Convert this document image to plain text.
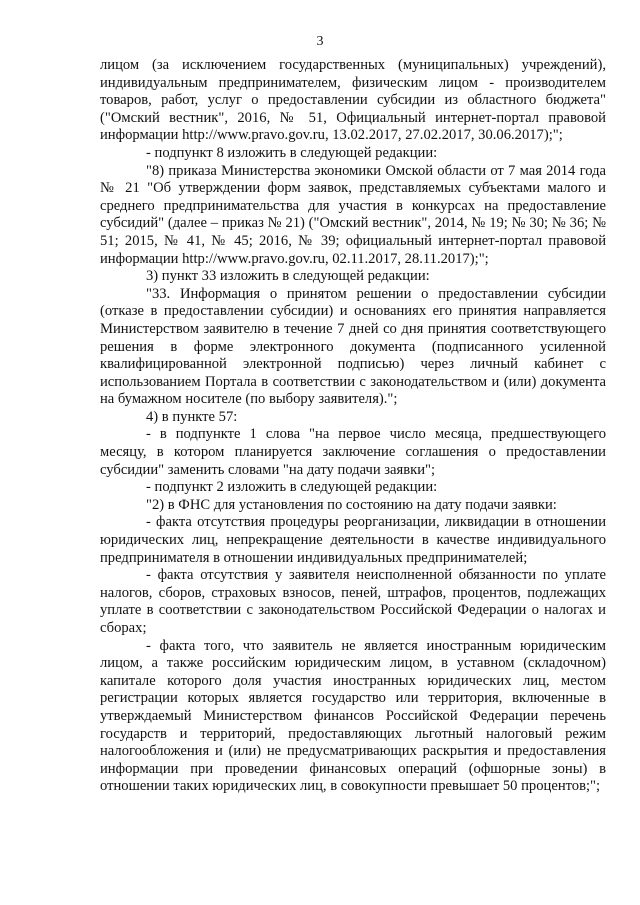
3

лицом (за исключением государственных (муниципальных) учреждений), индивидуальным предпринимателем, физическим лицом - производителем товаров, работ, услуг о предоставлении субсидии из областного бюджета" ("Омский вестник", 2016, № 51, Официальный интернет-портал правовой информации http://www.pravo.gov.ru, 13.02.2017, 27.02.2017, 30.06.2017);";

- подпункт 8 изложить в следующей редакции:

"8) приказа Министерства экономики Омской области от 7 мая 2014 года № 21 "Об утверждении форм заявок, представляемых субъектами малого и среднего предпринимательства для участия в конкурсах на предоставление субсидий" (далее – приказ № 21) ("Омский вестник", 2014, № 19; № 30; № 36; № 51; 2015, № 41, № 45; 2016, № 39; официальный интернет-портал правовой информации http://www.pravo.gov.ru, 02.11.2017, 28.11.2017);";

3) пункт 33 изложить в следующей редакции:

"33. Информация о принятом решении о предоставлении субсидии (отказе в предоставлении субсидии) и основаниях его принятия направляется Министерством заявителю в течение 7 дней со дня принятия соответствующего решения в форме электронного документа (подписанного усиленной квалифицированной электронной подписью) через личный кабинет с использованием Портала в соответствии с законодательством и (или) документа на бумажном носителе (по выбору заявителя).";

4) в пункте 57:

- в подпункте 1 слова "на первое число месяца, предшествующего месяцу, в котором планируется заключение соглашения о предоставлении субсидии" заменить словами "на дату подачи заявки";

- подпункт 2 изложить в следующей редакции:

"2) в ФНС для установления по состоянию на дату подачи заявки:

- факта отсутствия процедуры реорганизации, ликвидации в отношении юридических лиц, непрекращение деятельности в качестве индивидуального предпринимателя в отношении индивидуальных предпринимателей;

- факта отсутствия у заявителя неисполненной обязанности по уплате налогов, сборов, страховых взносов, пеней, штрафов, процентов, подлежащих уплате в соответствии с законодательством Российской Федерации о налогах и сборах;

- факта того, что заявитель не является иностранным юридическим лицом, а также российским юридическим лицом, в уставном (складочном) капитале которого доля участия иностранных юридических лиц, местом регистрации которых является государство или территория, включенные в утверждаемый Министерством финансов Российской Федерации перечень государств и территорий, предоставляющих льготный налоговый режим налогообложения и (или) не предусматривающих раскрытия и предоставления информации при проведении финансовых операций (офшорные зоны) в отношении таких юридических лиц, в совокупности превышает 50 процентов;";
